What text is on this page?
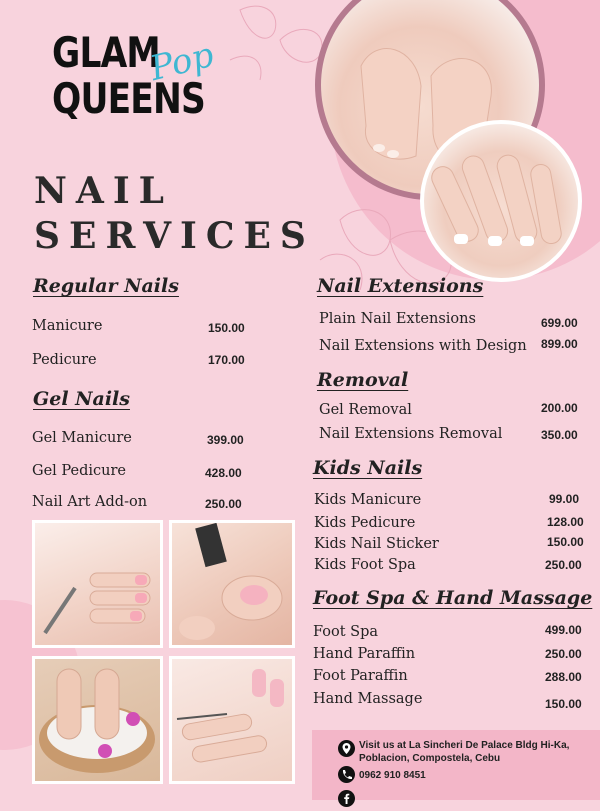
GLAM
QUEENS
Pop
NAIL
SERVICES
Regular Nails
Manicure	150.00
Pedicure	170.00
Gel Nails
Gel Manicure	399.00
Gel Pedicure	428.00
Nail Art Add-on	250.00
Nail Extensions
Plain Nail Extensions	699.00
Nail Extensions with Design 899.00
Removal
Gel Removal	200.00
Nail Extensions Removal	350.00
Kids Nails
Kids Manicure	99.00
Kids Pedicure	128.00
Kids Nail Sticker	150.00
Kids Foot Spa	250.00
Foot Spa & Hand Massage
Foot Spa	499.00
Hand Paraffin	250.00
Foot Paraffin	288.00
Hand Massage	150.00
Visit us at La Sincheri De Palace Bldg Hi-Ka,
Poblacion, Compostela, Cebu
0962 910 8451
